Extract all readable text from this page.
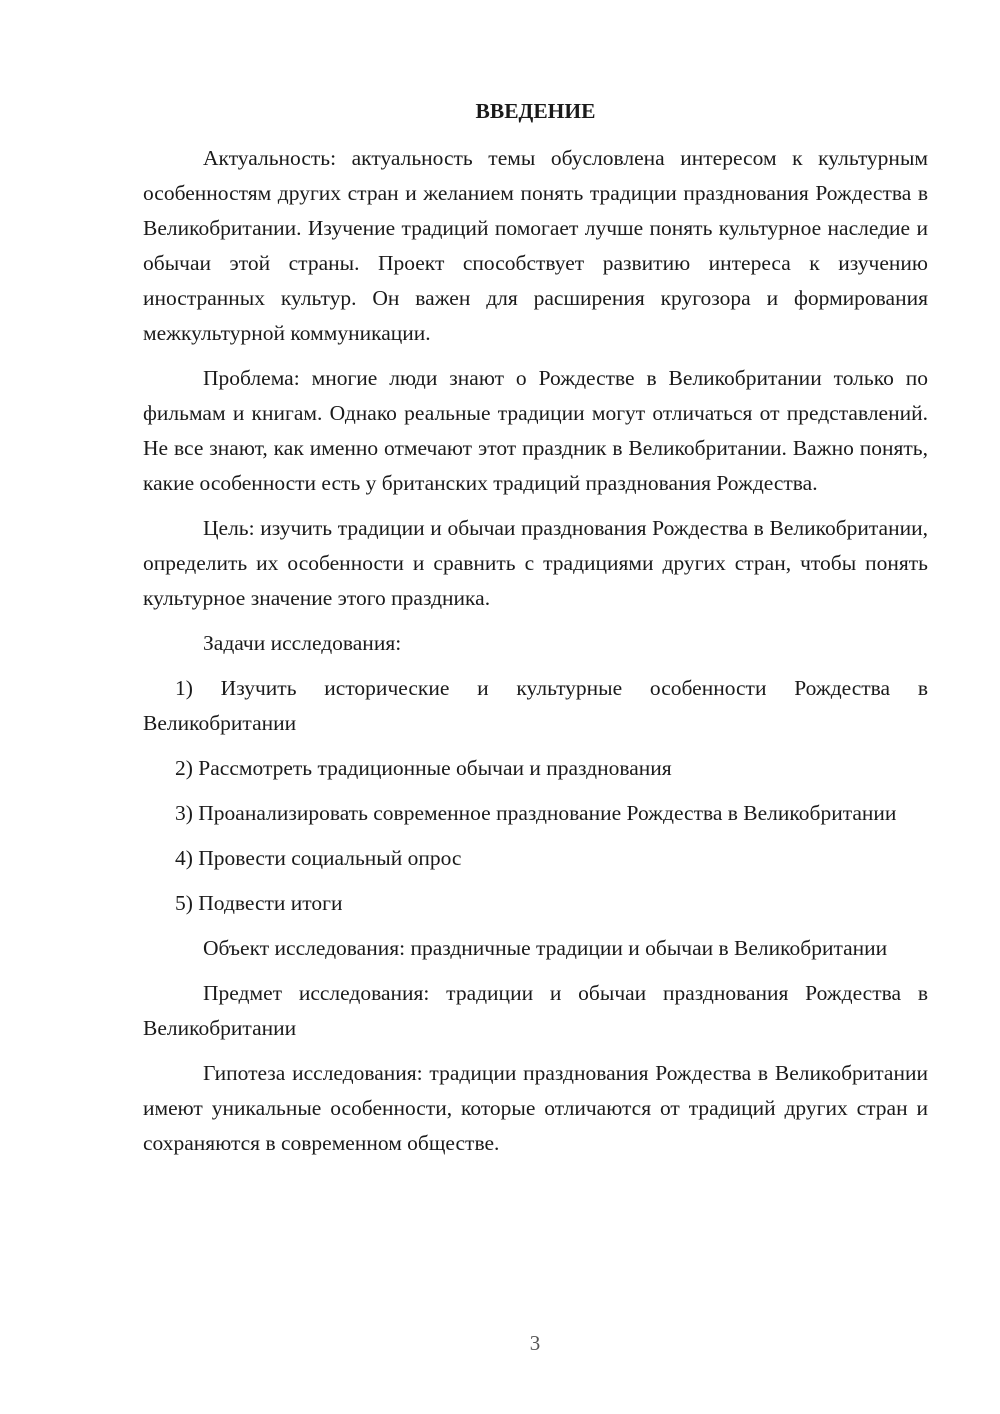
ВВЕДЕНИЕ

Актуальность: актуальность темы обусловлена интересом к культурным особенностям других стран и желанием понять традиции празднования Рождества в Великобритании. Изучение традиций помогает лучше понять культурное наследие и обычаи этой страны. Проект способствует развитию интереса к изучению иностранных культур. Он важен для расширения кругозора и формирования межкультурной коммуникации.

Проблема: многие люди знают о Рождестве в Великобритании только по фильмам и книгам. Однако реальные традиции могут отличаться от представлений. Не все знают, как именно отмечают этот праздник в Великобритании. Важно понять, какие особенности есть у британских традиций празднования Рождества.

Цель: изучить традиции и обычаи празднования Рождества в Великобритании, определить их особенности и сравнить с традициями других стран, чтобы понять культурное значение этого праздника.

Задачи исследования:

1) Изучить исторические и культурные особенности Рождества в Великобритании

2) Рассмотреть традиционные обычаи и празднования

3) Проанализировать современное празднование Рождества в Великобритании

4) Провести социальный опрос

5) Подвести итоги

Объект исследования: праздничные традиции и обычаи в Великобритании

Предмет исследования: традиции и обычаи празднования Рождества в Великобритании

Гипотеза исследования: традиции празднования Рождества в Великобритании имеют уникальные особенности, которые отличаются от традиций других стран и сохраняются в современном обществе.

3
